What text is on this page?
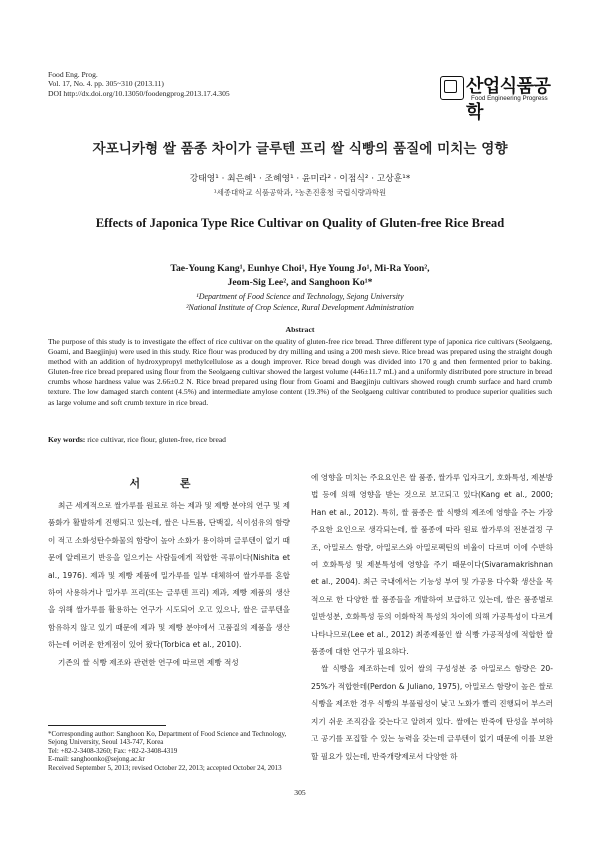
Food Eng. Prog.
Vol. 17, No. 4. pp. 305~310 (2013.11)
DOI http://dx.doi.org/10.13050/foodengprog.2013.17.4.305	산업식품공학
Food Engineering Progress
자포니카형 쌀 품종 차이가 글루텐 프리 쌀 식빵의 품질에 미치는 영향
강태영¹ · 최은혜¹ · 조혜영¹ · 윤미라² · 이점식² · 고상훈¹*
¹세종대학교 식품공학과, ²농촌진흥청 국립식량과학원
Effects of Japonica Type Rice Cultivar on Quality of Gluten-free Rice Bread
Tae-Young Kang¹, Eunhye Choi¹, Hye Young Jo¹, Mi-Ra Yoon²,
Jeom-Sig Lee², and Sanghoon Ko¹*
¹Department of Food Science and Technology, Sejong University
²National Institute of Crop Science, Rural Development Administration
Abstract
The purpose of this study is to investigate the effect of rice cultivar on the quality of gluten-free rice bread. Three different type of japonica rice cultivars (Seolgaeng, Goami, and Baegjinju) were used in this study. Rice flour was produced by dry milling and using a 200 mesh sieve. Rice bread was prepared using the straight dough method with an addition of hydroxypropyl methylcellulose as a dough improver. Rice bread dough was divided into 170 g and then fermented prior to baking. Gluten-free rice bread prepared using flour from the Seolgaeng cultivar showed the largest volume (446±11.7 mL) and a uniformly distributed pore structure in bread crumbs whose hardness value was 2.66±0.2 N. Rice bread prepared using flour from Goami and Baegjinju cultivars showed rough crumb surface and hard crumb texture. The low damaged starch content (4.5%) and intermediate amylose content (19.3%) of the Seolgaeng cultivar contributed to produce superior qualities such as large volume and soft crumb texture in rice bread.
Key words: rice cultivar, rice flour, gluten-free, rice bread
서 론

최근 세계적으로 쌀가루를 원료로 하는 제과 및 제빵 분야의 연구 및 제품화가 활발하게 진행되고 있는데, 쌀은 나트륨, 단백질, 식이섬유의 함량이 적고 소화성탄수화물의 함량이 높아 소화가 용이하며 글루텐이 없기 때문에 알레르기 반응을 일으키는 사람들에게 적합한 곡류이다(Nishita et al., 1976). 제과 및 제빵 제품에 밀가루를 일부 대체하여 쌀가루를 혼합하여 사용하거나 밀가루 프리(또는 글루텐 프리) 제과, 제빵 제품의 생산을 위해 쌀가루를 활용하는 연구가 시도되어 오고 있으나, 쌀은 글루텐을 함유하지 않고 있기 때문에 제과 및 제빵 분야에서 고품질의 제품을 생산하는데 어려운 한계점이 있어 왔다(Torbica et al., 2010).

기존의 쌀 식빵 제조와 관련한 연구에 따르면 제빵 적성

에 영향을 미치는 주요요인은 쌀 품종, 쌀가루 입자크기, 호화특성, 제분방법 등에 의해 영향을 받는 것으로 보고되고 있다(Kang et al., 2000; Han et al., 2012). 특히, 쌀 품종은 쌀 식빵의 제조에 영향을 주는 가장 주요한 요인으로 생각되는데, 쌀 품종에 따라 원료 쌀가루의 전분결정 구조, 아밀로스 함량, 아밀로스와 아밀로펙틴의 비율이 다르며 이에 수반하여 호화특성 및 제분특성에 영향을 주기 때문이다(Sivaramakrishnan et al., 2004). 최근 국내에서는 기능성 부여 및 가공용 다수확 생산을 목적으로 한 다양한 쌀 품종들을 개발하여 보급하고 있는데, 쌀은 품종별로 일반성분, 호화특성 등의 이화학적 특성의 차이에 의해 가공특성이 다르게 나타나므로(Lee et al., 2012) 최종제품인 쌀 식빵 가공적성에 적합한 쌀 품종에 대한 연구가 필요하다.

쌀 식빵을 제조하는데 있어 쌀의 구성성분 중 아밀로스 함량은 20-25%가 적합한데(Perdon & Juliano, 1975), 아밀로스 함량이 높은 쌀로 식빵을 제조한 경우 식빵의 부풀림성이 낮고 노화가 빨리 진행되어 부스러지기 쉬운 조직감을 갖는다고 알려져 있다. 쌀에는 반죽에 탄성을 부여하고 공기를 포집할 수 있는 능력을 갖는데 글루텐이 없기 때문에 이를 보완할 필요가 있는데, 반죽개량제로서 다양한 하

*Corresponding author: Sanghoon Ko, Department of Food Science and Technology, Sejong University, Seoul 143-747, Korea
Tel: +82-2-3408-3260; Fax: +82-2-3408-4319
E-mail: sanghoonko@sejong.ac.kr
Received September 5, 2013; revised October 22, 2013; accepted October 24, 2013
305
